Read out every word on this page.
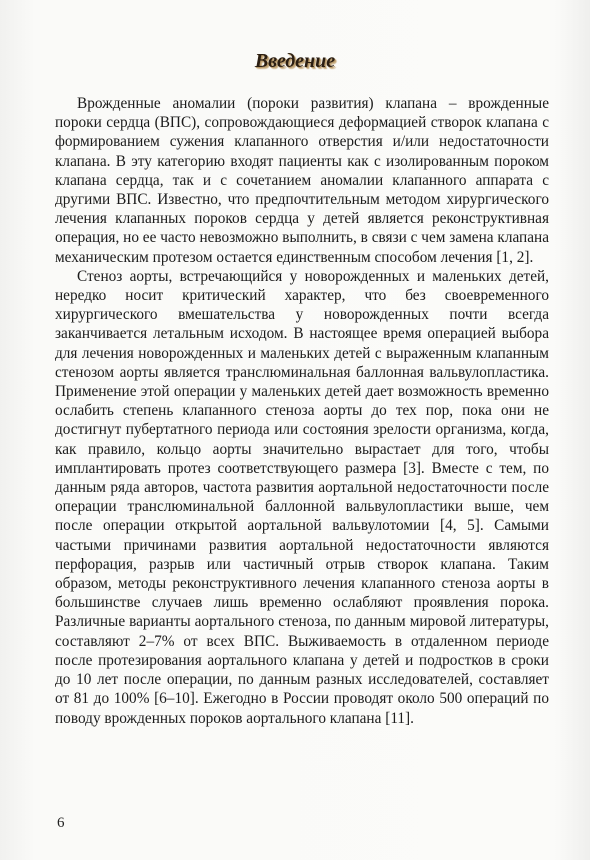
Введение

Врожденные аномалии (пороки развития) клапана – врожденные пороки сердца (ВПС), сопровождающиеся деформацией створок клапана с формированием сужения клапанного отверстия и/или недостаточности клапана. В эту категорию входят пациенты как с изолированным пороком клапана сердца, так и с сочетанием аномалии клапанного аппарата с другими ВПС. Известно, что предпочтительным методом хирургического лечения клапанных пороков сердца у детей является реконструктивная операция, но ее часто невозможно выполнить, в связи с чем замена клапана механическим протезом остается единственным способом лечения [1, 2].

Стеноз аорты, встречающийся у новорожденных и маленьких детей, нередко носит критический характер, что без своевременного хирургического вмешательства у новорожденных почти всегда заканчивается летальным исходом. В настоящее время операцией выбора для лечения новорожденных и маленьких детей с выраженным клапанным стенозом аорты является транслюминальная баллонная вальвулопластика. Применение этой операции у маленьких детей дает возможность временно ослабить степень клапанного стеноза аорты до тех пор, пока они не достигнут пубертатного периода или состояния зрелости организма, когда, как правило, кольцо аорты значительно вырастает для того, чтобы имплантировать протез соответствующего размера [3]. Вместе с тем, по данным ряда авторов, частота развития аортальной недостаточности после операции транслюминальной баллонной вальвулопластики выше, чем после операции открытой аортальной вальвулотомии [4, 5]. Самыми частыми причинами развития аортальной недостаточности являются перфорация, разрыв или частичный отрыв створок клапана. Таким образом, методы реконструктивного лечения клапанного стеноза аорты в большинстве случаев лишь временно ослабляют проявления порока. Различные варианты аортального стеноза, по данным мировой литературы, составляют 2–7% от всех ВПС. Выживаемость в отдаленном периоде после протезирования аортального клапана у детей и подростков в сроки до 10 лет после операции, по данным разных исследователей, составляет от 81 до 100% [6–10]. Ежегодно в России проводят около 500 операций по поводу врожденных пороков аортального клапана [11].

6
